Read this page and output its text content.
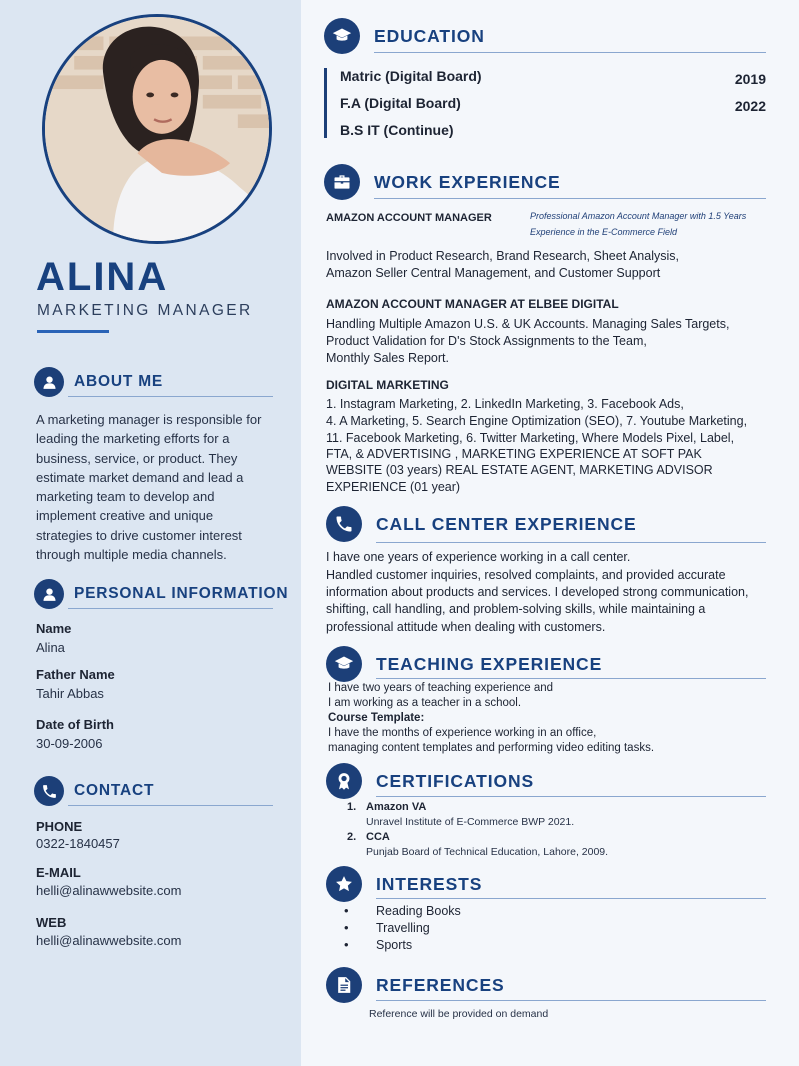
ALINA
MARKETING MANAGER
ABOUT ME
A marketing manager is responsible for leading the marketing efforts for a business, service, or product. They estimate market demand and lead a marketing team to develop and implement creative and unique strategies to drive customer interest through multiple media channels.
PERSONAL INFORMATION
Name
Alina
Father Name
Tahir Abbas
Date of Birth
30-09-2006
CONTACT
PHONE
0322-1840457
E-MAIL
helli@alinawwebsite.com
WEB
helli@alinawwebsite.com
EDUCATION
Matric (Digital Board)	2019
F.A (Digital Board)	2022
B.S IT (Continue)
WORK EXPERIENCE
AMAZON ACCOUNT MANAGER	Professional Amazon Account Manager with 1.5 Years
Experience in the E-Commerce Field
Involved in Product Research, Brand Research, Sheet Analysis,
Amazon Seller Central Management, and Customer Support
AMAZON ACCOUNT MANAGER AT ELBEE DIGITAL
Handling Multiple Amazon U.S. & UK Accounts. Managing Sales Targets,
Product Validation for D's Stock Assignments to the Team,
Monthly Sales Report.
DIGITAL MARKETING
1. Instagram Marketing, 2. LinkedIn Marketing, 3. Facebook Ads,
4. A Marketing, 5. Search Engine Optimization (SEO), 7. Youtube Marketing,
11. Facebook Marketing, 6. Twitter Marketing, Where Models Pixel, Label,
FTA, & ADVERTISING , MARKETING EXPERIENCE AT SOFT PAK
WEBSITE (03 years) REAL ESTATE AGENT, MARKETING ADVISOR
EXPERIENCE (01 year)
CALL CENTER EXPERIENCE
I have one years of experience working in a call center.
Handled customer inquiries, resolved complaints, and provided accurate
information about products and services. I developed strong communication,
shifting, call handling, and problem-solving skills, while maintaining a
professional attitude when dealing with customers.
TEACHING EXPERIENCE
I have two years of teaching experience and
I am working as a teacher in a school.
Course Template:
I have the months of experience working in an office,
managing content templates and performing video editing tasks.
CERTIFICATIONS
1. Amazon VA
Unravel Institute of E-Commerce BWP 2021.
2. CCA
Punjab Board of Technical Education, Lahore, 2009.
INTERESTS
• Reading Books
• Travelling
• Sports
REFERENCES
Reference will be provided on demand
